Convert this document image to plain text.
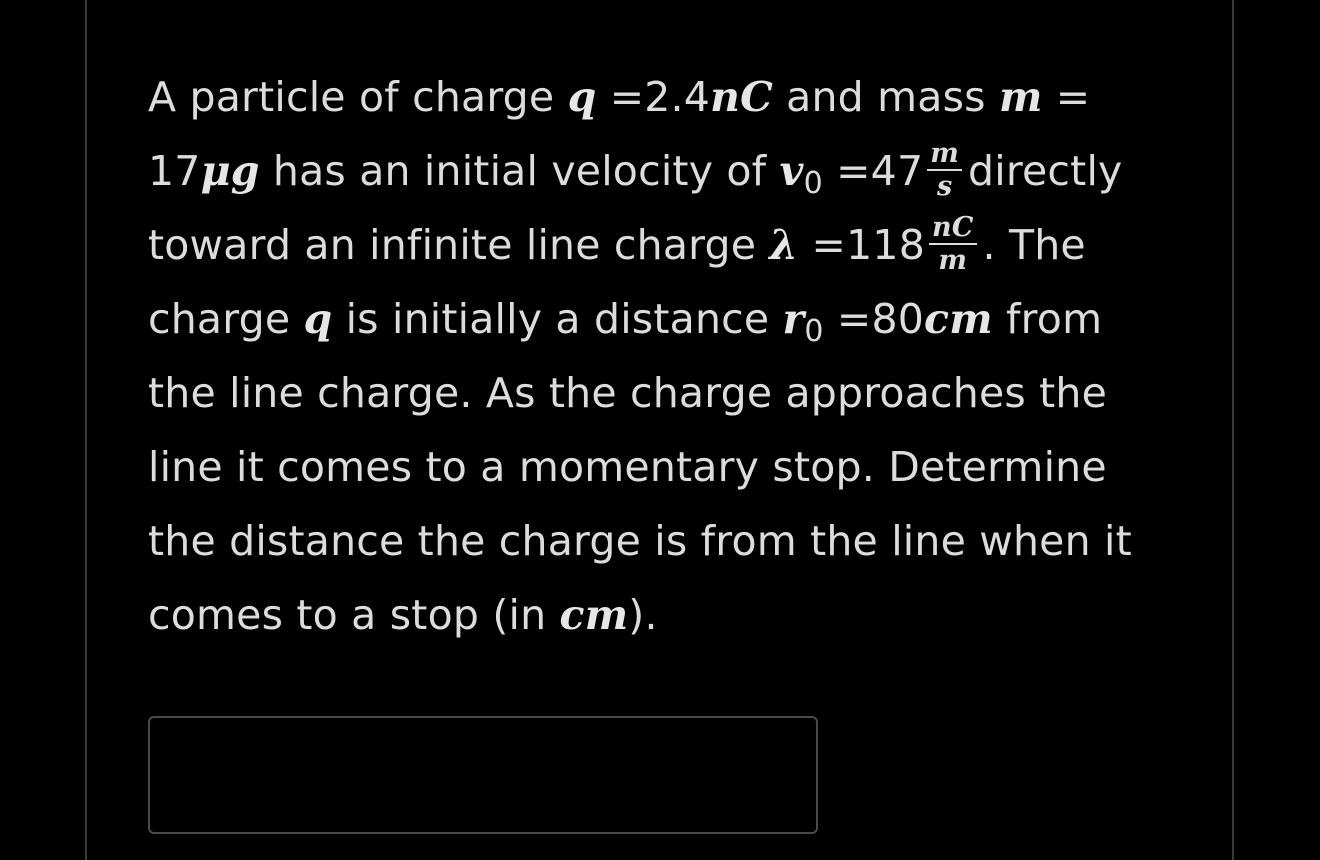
A particle of charge q =2.4nC and mass m =
17μg has an initial velocity of $v0 =47 \frac{m}{s}$ directly
toward an infinite line charge $\lambda =118 \frac{nC}{m}$ . The
charge q is initially a distance r0 =80cm from
the line charge. As the charge approaches the
line it comes to a momentary stop. Determine
the distance the charge is from the line when it
comes to a stop (in cm).
